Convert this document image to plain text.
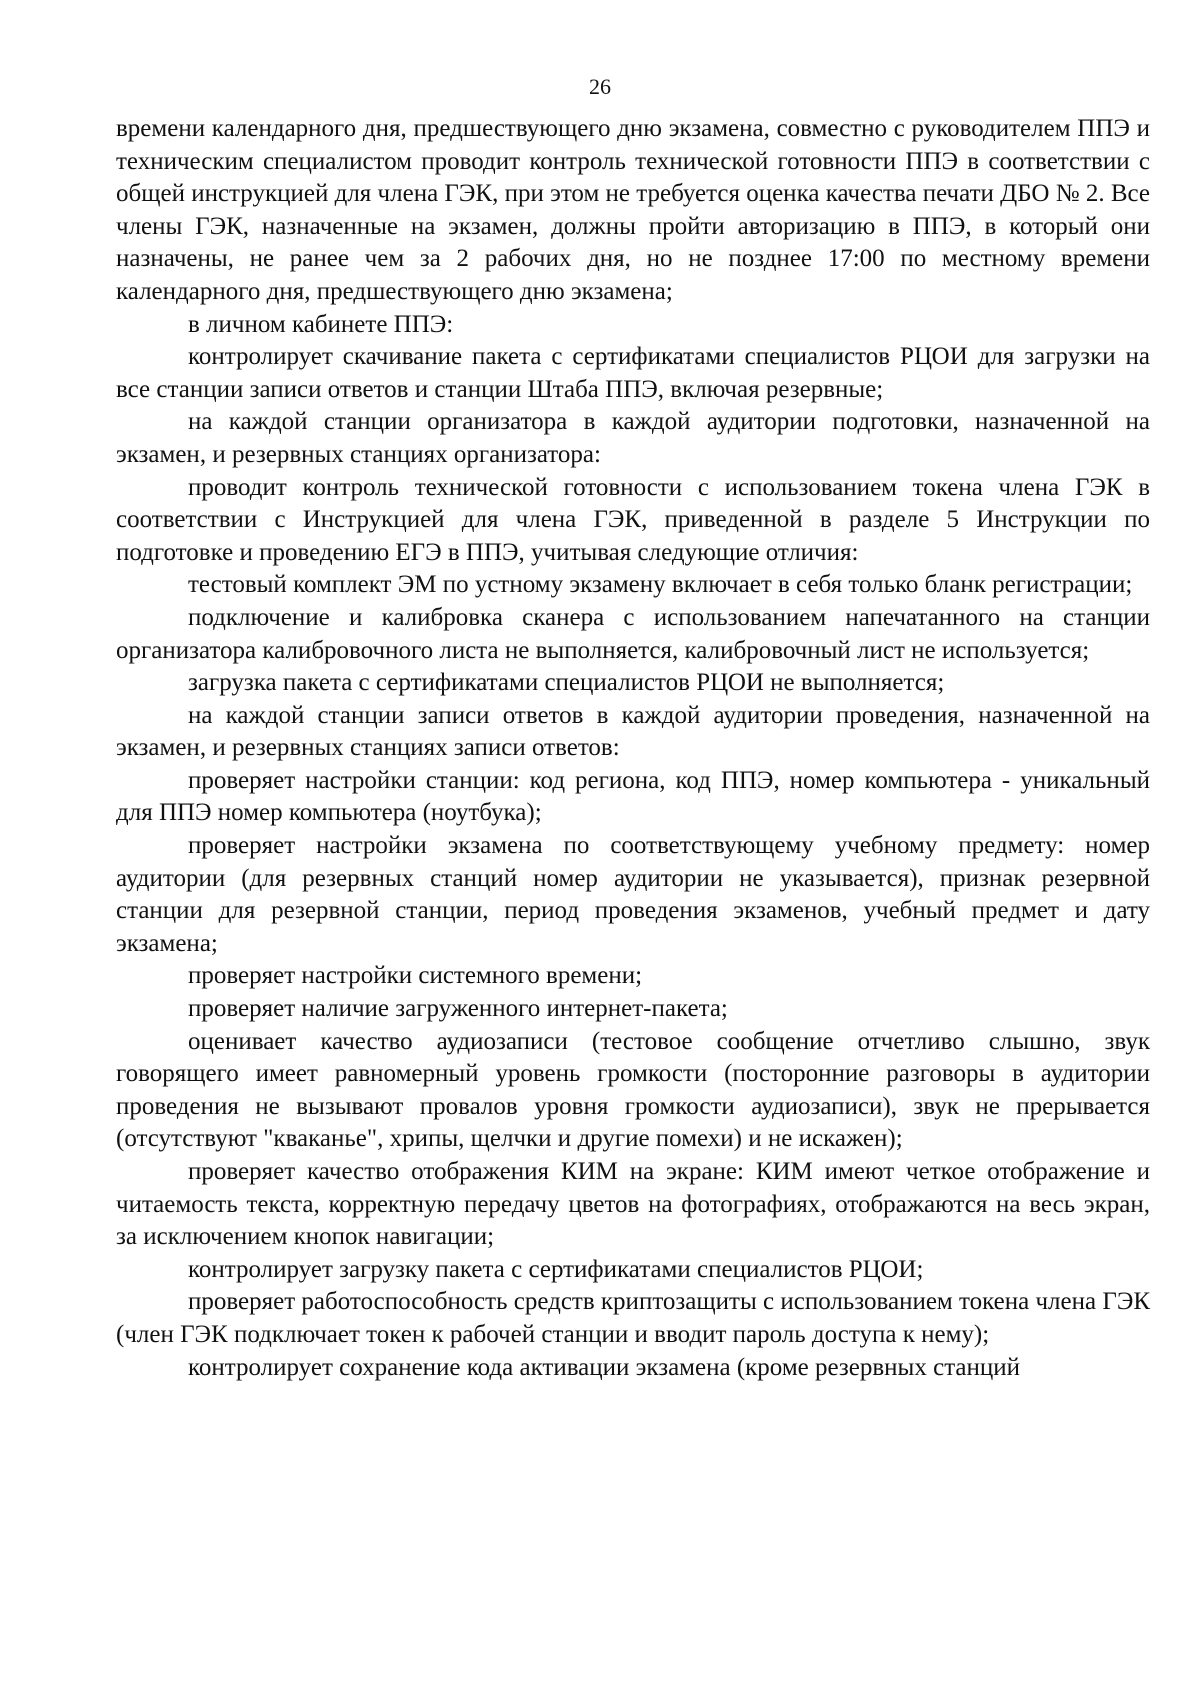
26

времени календарного дня, предшествующего дню экзамена, совместно с руководителем ППЭ и техническим специалистом проводит контроль технической готовности ППЭ в соответствии с общей инструкцией для члена ГЭК, при этом не требуется оценка качества печати ДБО № 2. Все члены ГЭК, назначенные на экзамен, должны пройти авторизацию в ППЭ, в который они назначены, не ранее чем за 2 рабочих дня, но не позднее 17:00 по местному времени календарного дня, предшествующего дню экзамена;

в личном кабинете ППЭ:

контролирует скачивание пакета с сертификатами специалистов РЦОИ для загрузки на все станции записи ответов и станции Штаба ППЭ, включая резервные;

на каждой станции организатора в каждой аудитории подготовки, назначенной на экзамен, и резервных станциях организатора:

проводит контроль технической готовности с использованием токена члена ГЭК в соответствии с Инструкцией для члена ГЭК, приведенной в разделе 5 Инструкции по подготовке и проведению ЕГЭ в ППЭ, учитывая следующие отличия:

тестовый комплект ЭМ по устному экзамену включает в себя только бланк регистрации;

подключение и калибровка сканера с использованием напечатанного на станции организатора калибровочного листа не выполняется, калибровочный лист не используется;

загрузка пакета с сертификатами специалистов РЦОИ не выполняется;

на каждой станции записи ответов в каждой аудитории проведения, назначенной на экзамен, и резервных станциях записи ответов:

проверяет настройки станции: код региона, код ППЭ, номер компьютера - уникальный для ППЭ номер компьютера (ноутбука);

проверяет настройки экзамена по соответствующему учебному предмету: номер аудитории (для резервных станций номер аудитории не указывается), признак резервной станции для резервной станции, период проведения экзаменов, учебный предмет и дату экзамена;

проверяет настройки системного времени;

проверяет наличие загруженного интернет-пакета;

оценивает качество аудиозаписи (тестовое сообщение отчетливо слышно, звук говорящего имеет равномерный уровень громкости (посторонние разговоры в аудитории проведения не вызывают провалов уровня громкости аудиозаписи), звук не прерывается (отсутствуют "кваканье", хрипы, щелчки и другие помехи) и не искажен);

проверяет качество отображения КИМ на экране: КИМ имеют четкое отображение и читаемость текста, корректную передачу цветов на фотографиях, отображаются на весь экран, за исключением кнопок навигации;

контролирует загрузку пакета с сертификатами специалистов РЦОИ;

проверяет работоспособность средств криптозащиты с использованием токена члена ГЭК (член ГЭК подключает токен к рабочей станции и вводит пароль доступа к нему);

контролирует сохранение кода активации экзамена (кроме резервных станций
